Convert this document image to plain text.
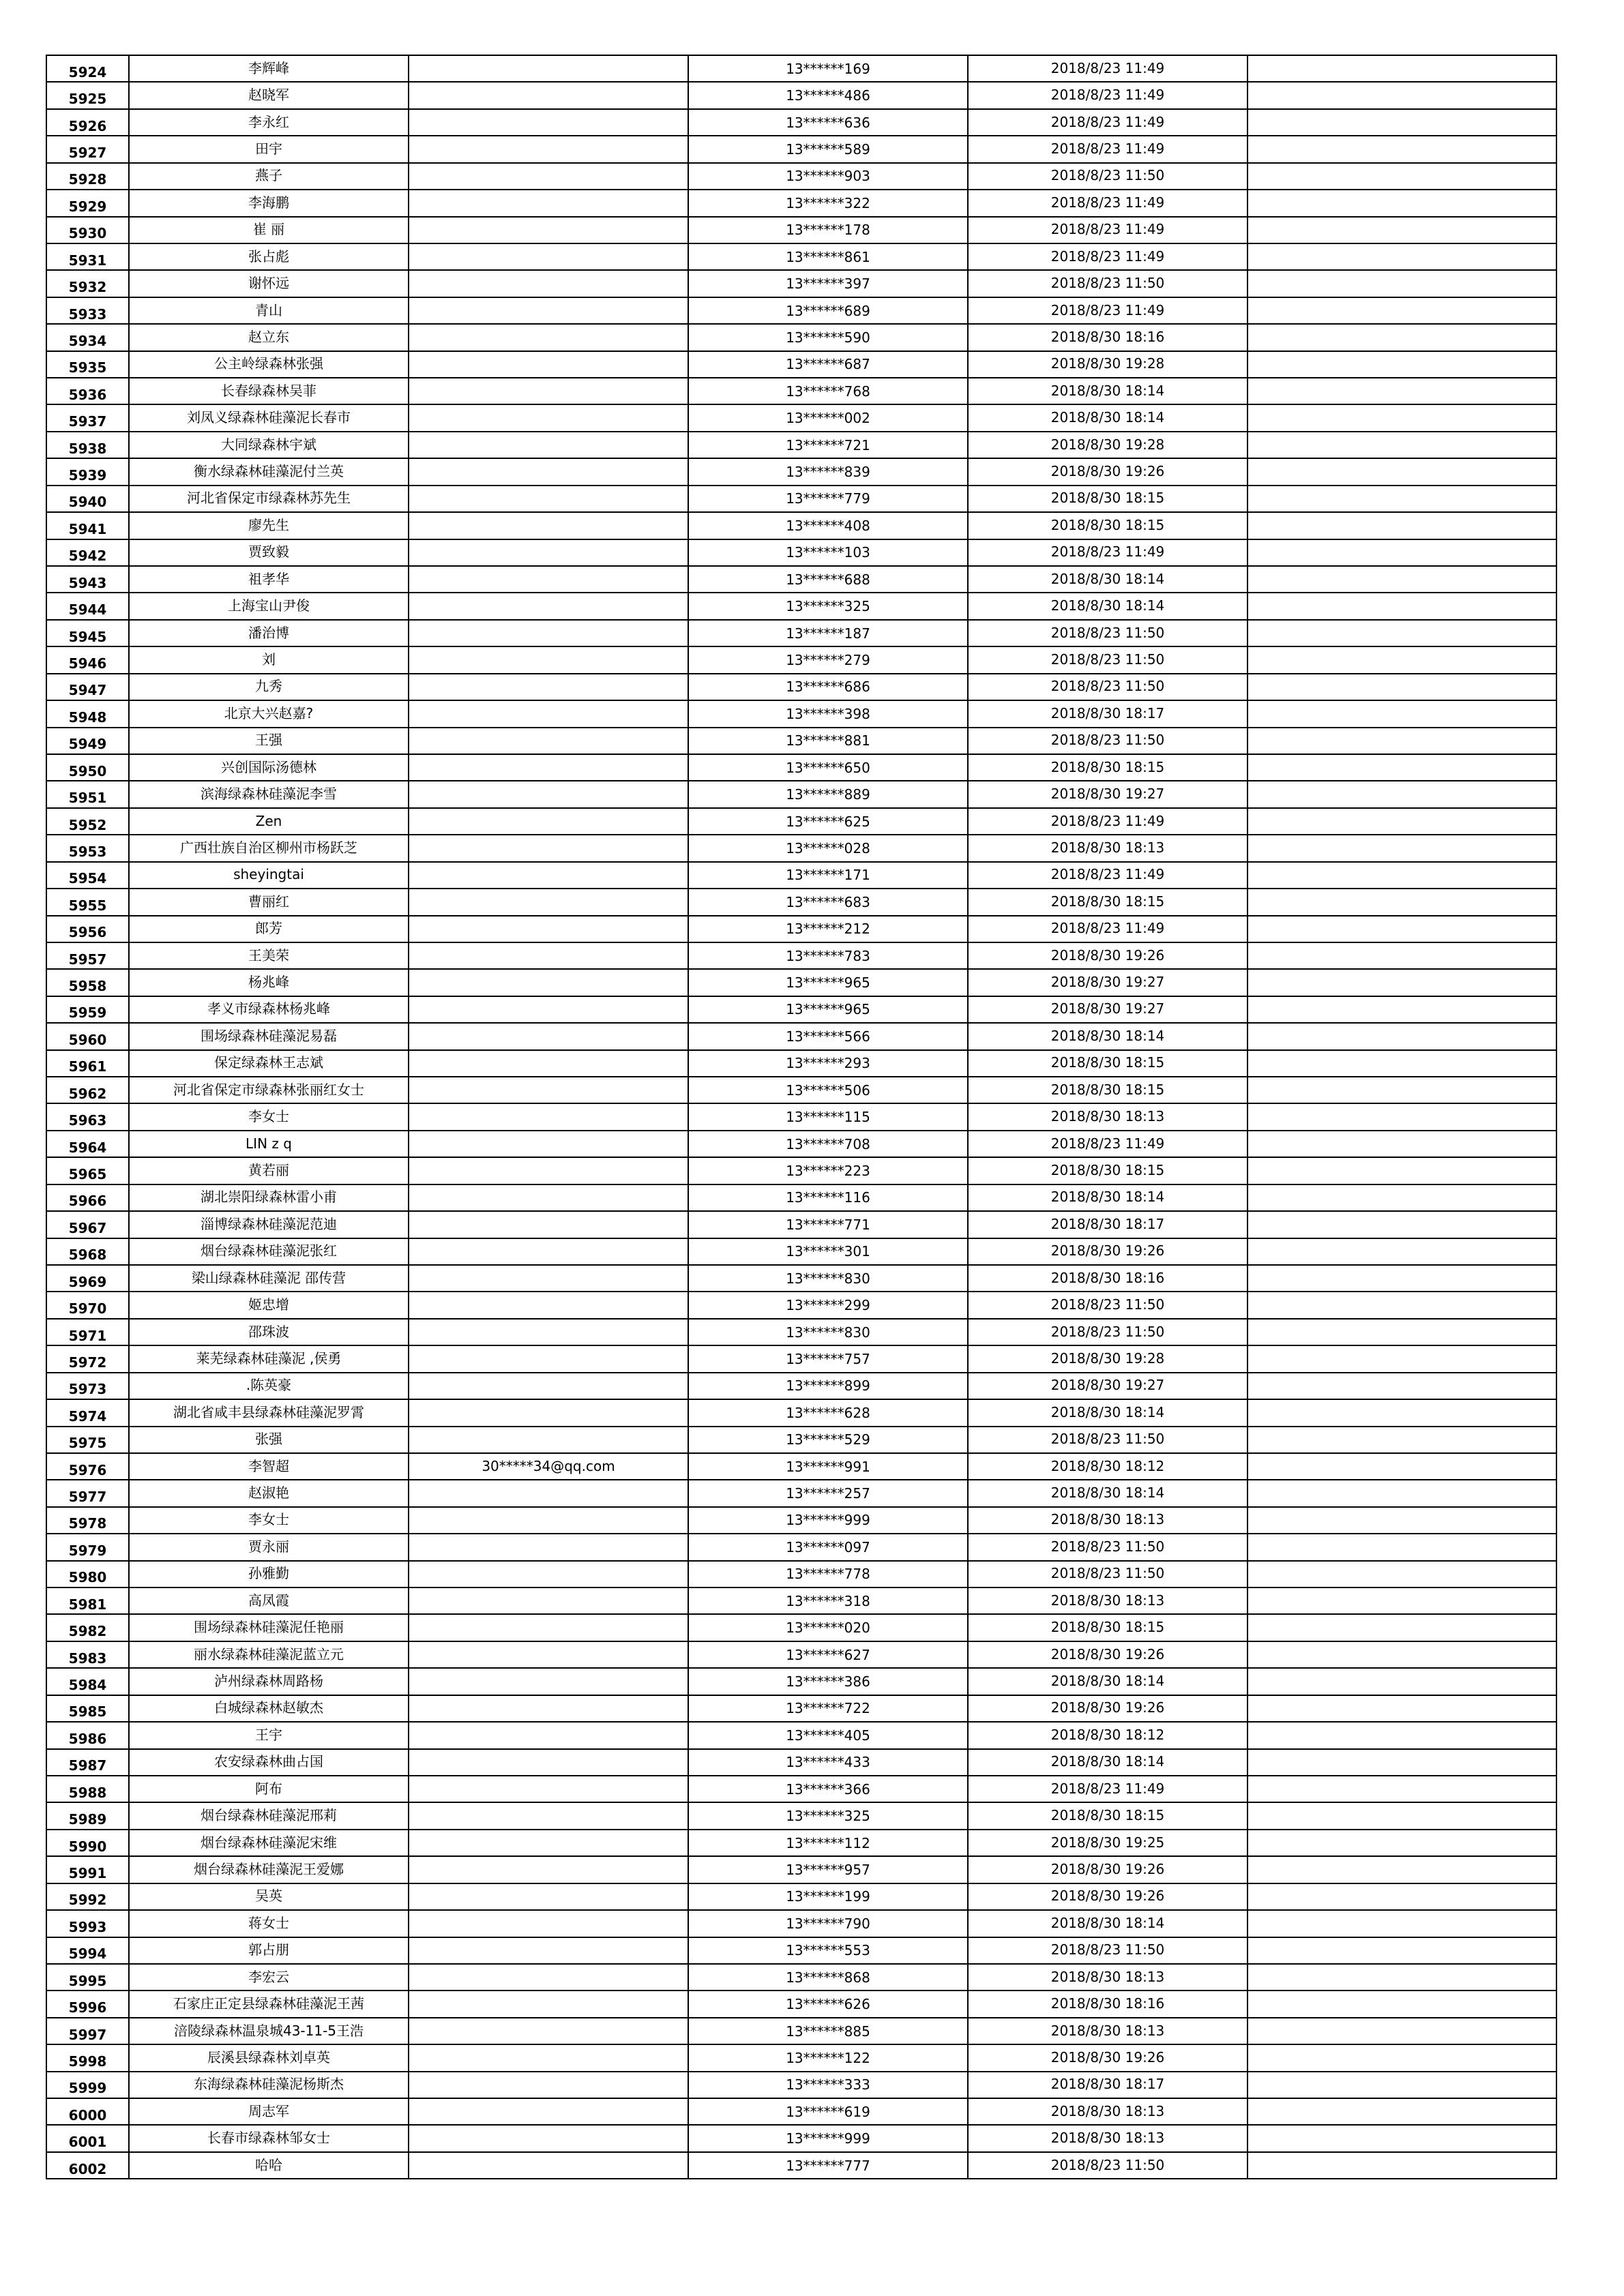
5924	李辉峰		13******169	2018/8/23 11:49	
5925	赵晓军		13******486	2018/8/23 11:49	
5926	李永红		13******636	2018/8/23 11:49	
5927	田宇		13******589	2018/8/23 11:49	
5928	燕子		13******903	2018/8/23 11:50	
5929	李海鹏		13******322	2018/8/23 11:49	
5930	崔 丽		13******178	2018/8/23 11:49	
5931	张占彪		13******861	2018/8/23 11:49	
5932	谢怀远		13******397	2018/8/23 11:50	
5933	青山		13******689	2018/8/23 11:49	
5934	赵立东		13******590	2018/8/30 18:16	
5935	公主岭绿森林张强		13******687	2018/8/30 19:28	
5936	长春绿森林吴菲		13******768	2018/8/30 18:14	
5937	刘凤义绿森林硅藻泥长春市		13******002	2018/8/30 18:14	
5938	大同绿森林宇斌		13******721	2018/8/30 19:28	
5939	衡水绿森林硅藻泥付兰英		13******839	2018/8/30 19:26	
5940	河北省保定市绿森林苏先生		13******779	2018/8/30 18:15	
5941	廖先生		13******408	2018/8/30 18:15	
5942	贾致毅		13******103	2018/8/23 11:49	
5943	祖孝华		13******688	2018/8/30 18:14	
5944	上海宝山尹俊		13******325	2018/8/30 18:14	
5945	潘治博		13******187	2018/8/23 11:50	
5946	刘		13******279	2018/8/23 11:50	
5947	九秀		13******686	2018/8/23 11:50	
5948	北京大兴赵嘉?		13******398	2018/8/30 18:17	
5949	王强		13******881	2018/8/23 11:50	
5950	兴创国际汤德林		13******650	2018/8/30 18:15	
5951	滨海绿森林硅藻泥李雪		13******889	2018/8/30 19:27	
5952	Zen		13******625	2018/8/23 11:49	
5953	广西壮族自治区柳州市杨跃芝		13******028	2018/8/30 18:13	
5954	sheyingtai		13******171	2018/8/23 11:49	
5955	曹丽红		13******683	2018/8/30 18:15	
5956	郎芳		13******212	2018/8/23 11:49	
5957	王美荣		13******783	2018/8/30 19:26	
5958	杨兆峰		13******965	2018/8/30 19:27	
5959	孝义市绿森林杨兆峰		13******965	2018/8/30 19:27	
5960	围场绿森林硅藻泥易磊		13******566	2018/8/30 18:14	
5961	保定绿森林王志斌		13******293	2018/8/30 18:15	
5962	河北省保定市绿森林张丽红女士		13******506	2018/8/30 18:15	
5963	李女士		13******115	2018/8/30 18:13	
5964	LIN z q		13******708	2018/8/23 11:49	
5965	黄若丽		13******223	2018/8/30 18:15	
5966	湖北崇阳绿森林雷小甫		13******116	2018/8/30 18:14	
5967	淄博绿森林硅藻泥范迪		13******771	2018/8/30 18:17	
5968	烟台绿森林硅藻泥张红		13******301	2018/8/30 19:26	
5969	梁山绿森林硅藻泥 邵传营		13******830	2018/8/30 18:16	
5970	姬忠增		13******299	2018/8/23 11:50	
5971	邵珠波		13******830	2018/8/23 11:50	
5972	莱芜绿森林硅藻泥 ,侯勇		13******757	2018/8/30 19:28	
5973	.陈英豪		13******899	2018/8/30 19:27	
5974	湖北省咸丰县绿森林硅藻泥罗霄		13******628	2018/8/30 18:14	
5975	张强		13******529	2018/8/23 11:50	
5976	李智超	30*****34@qq.com	13******991	2018/8/30 18:12	
5977	赵淑艳		13******257	2018/8/30 18:14	
5978	李女士		13******999	2018/8/30 18:13	
5979	贾永丽		13******097	2018/8/23 11:50	
5980	孙雅勤		13******778	2018/8/23 11:50	
5981	高凤霞		13******318	2018/8/30 18:13	
5982	围场绿森林硅藻泥任艳丽		13******020	2018/8/30 18:15	
5983	丽水绿森林硅藻泥蓝立元		13******627	2018/8/30 19:26	
5984	泸州绿森林周路杨		13******386	2018/8/30 18:14	
5985	白城绿森林赵敏杰		13******722	2018/8/30 19:26	
5986	王宇		13******405	2018/8/30 18:12	
5987	农安绿森林曲占国		13******433	2018/8/30 18:14	
5988	阿布		13******366	2018/8/23 11:49	
5989	烟台绿森林硅藻泥邢莉		13******325	2018/8/30 18:15	
5990	烟台绿森林硅藻泥宋维		13******112	2018/8/30 19:25	
5991	烟台绿森林硅藻泥王爱娜		13******957	2018/8/30 19:26	
5992	吴英		13******199	2018/8/30 19:26	
5993	蒋女士		13******790	2018/8/30 18:14	
5994	郭占朋		13******553	2018/8/23 11:50	
5995	李宏云		13******868	2018/8/30 18:13	
5996	石家庄正定县绿森林硅藻泥王茜		13******626	2018/8/30 18:16	
5997	涪陵绿森林温泉城43-11-5王浩		13******885	2018/8/30 18:13	
5998	辰溪县绿森林刘卓英		13******122	2018/8/30 19:26	
5999	东海绿森林硅藻泥杨斯杰		13******333	2018/8/30 18:17	
6000	周志军		13******619	2018/8/30 18:13	
6001	长春市绿森林邹女士		13******999	2018/8/30 18:13	
6002	哈哈		13******777	2018/8/23 11:50	
